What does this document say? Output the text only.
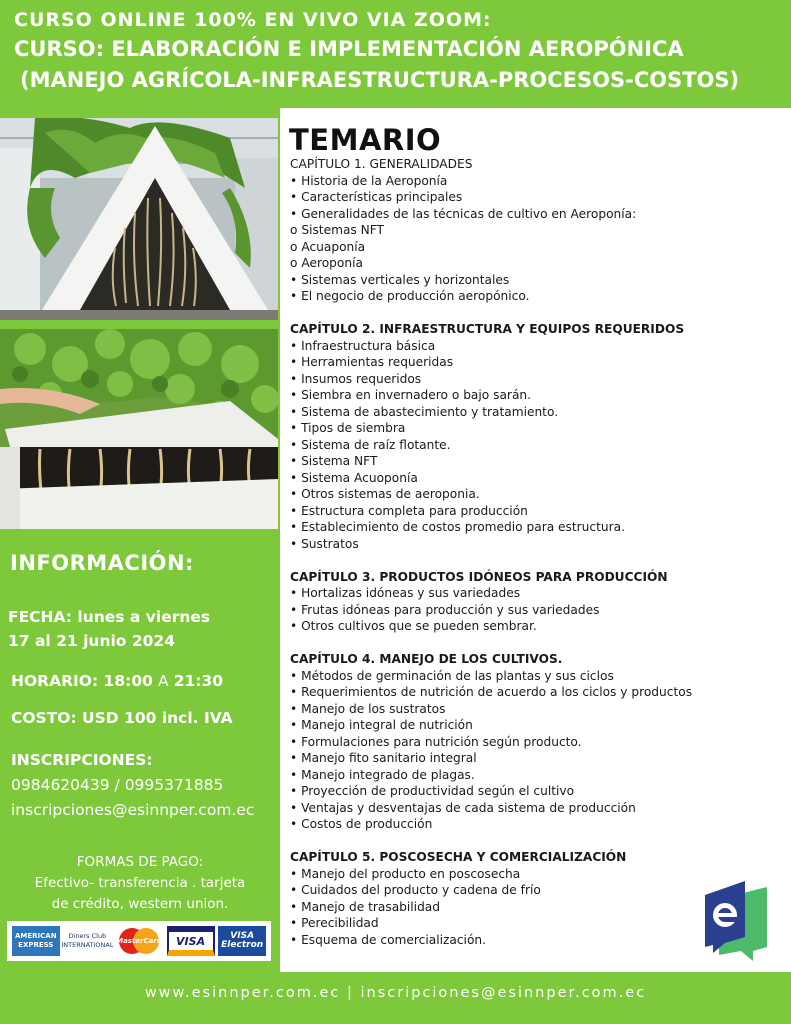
CURSO ONLINE 100% EN VIVO VIA ZOOM:
CURSO: ELABORACIÓN E IMPLEMENTACIÓN AEROPÓNICA
(MANEJO AGRÍCOLA-INFRAESTRUCTURA-PROCESOS-COSTOS)
INFORMACIÓN:
FECHA: lunes a viernes
17 al 21 junio 2024
HORARIO: 18:00 A 21:30
COSTO: USD 100 incl. IVA
INSCRIPCIONES:
0984620439 / 0995371885
inscripciones@esinnper.com.ec
FORMAS DE PAGO:
Efectivo- transferencia . tarjeta
de crédito, western union.
AMERICAN EXPRESS
Diners Club INTERNATIONAL
MasterCard	VISA	VISA Electron
TEMARIO
CAPÍTULO 1. GENERALIDADES
• Historia de la Aeroponía
• Características principales
• Generalidades de las técnicas de cultivo en Aeroponía:
o Sistemas NFT
o Acuaponía
o Aeroponía
• Sistemas verticales y horizontales
• El negocio de producción aeropónico.
CAPÍTULO 2. INFRAESTRUCTURA Y EQUIPOS REQUERIDOS
• Infraestructura básica
• Herramientas requeridas
• Insumos requeridos
• Siembra en invernadero o bajo sarán.
• Sistema de abastecimiento y tratamiento.
• Tipos de siembra
• Sistema de raíz flotante.
• Sistema NFT
• Sistema Acuoponía
• Otros sistemas de aeroponia.
• Estructura completa para producción
• Establecimiento de costos promedio para estructura.
• Sustratos
CAPÍTULO 3. PRODUCTOS IDÓNEOS PARA PRODUCCIÓN
• Hortalizas idóneas y sus variedades
• Frutas idóneas para producción y sus variedades
• Otros cultivos que se pueden sembrar.
CAPÍTULO 4. MANEJO DE LOS CULTIVOS.
• Métodos de germinación de las plantas y sus ciclos
• Requerimientos de nutrición de acuerdo a los ciclos y productos
• Manejo de los sustratos
• Manejo integral de nutrición
• Formulaciones para nutrición según producto.
• Manejo fito sanitario integral
• Manejo integrado de plagas.
• Proyección de productividad según el cultivo
• Ventajas y desventajas de cada sistema de producción
• Costos de producción
CAPÍTULO 5. POSCOSECHA Y COMERCIALIZACIÓN
• Manejo del producto en poscosecha
• Cuidados del producto y cadena de frío
• Manejo de trasabilidad
• Perecibilidad
• Esquema de comercialización.
www.esinnper.com.ec | inscripciones@esinnper.com.ec
